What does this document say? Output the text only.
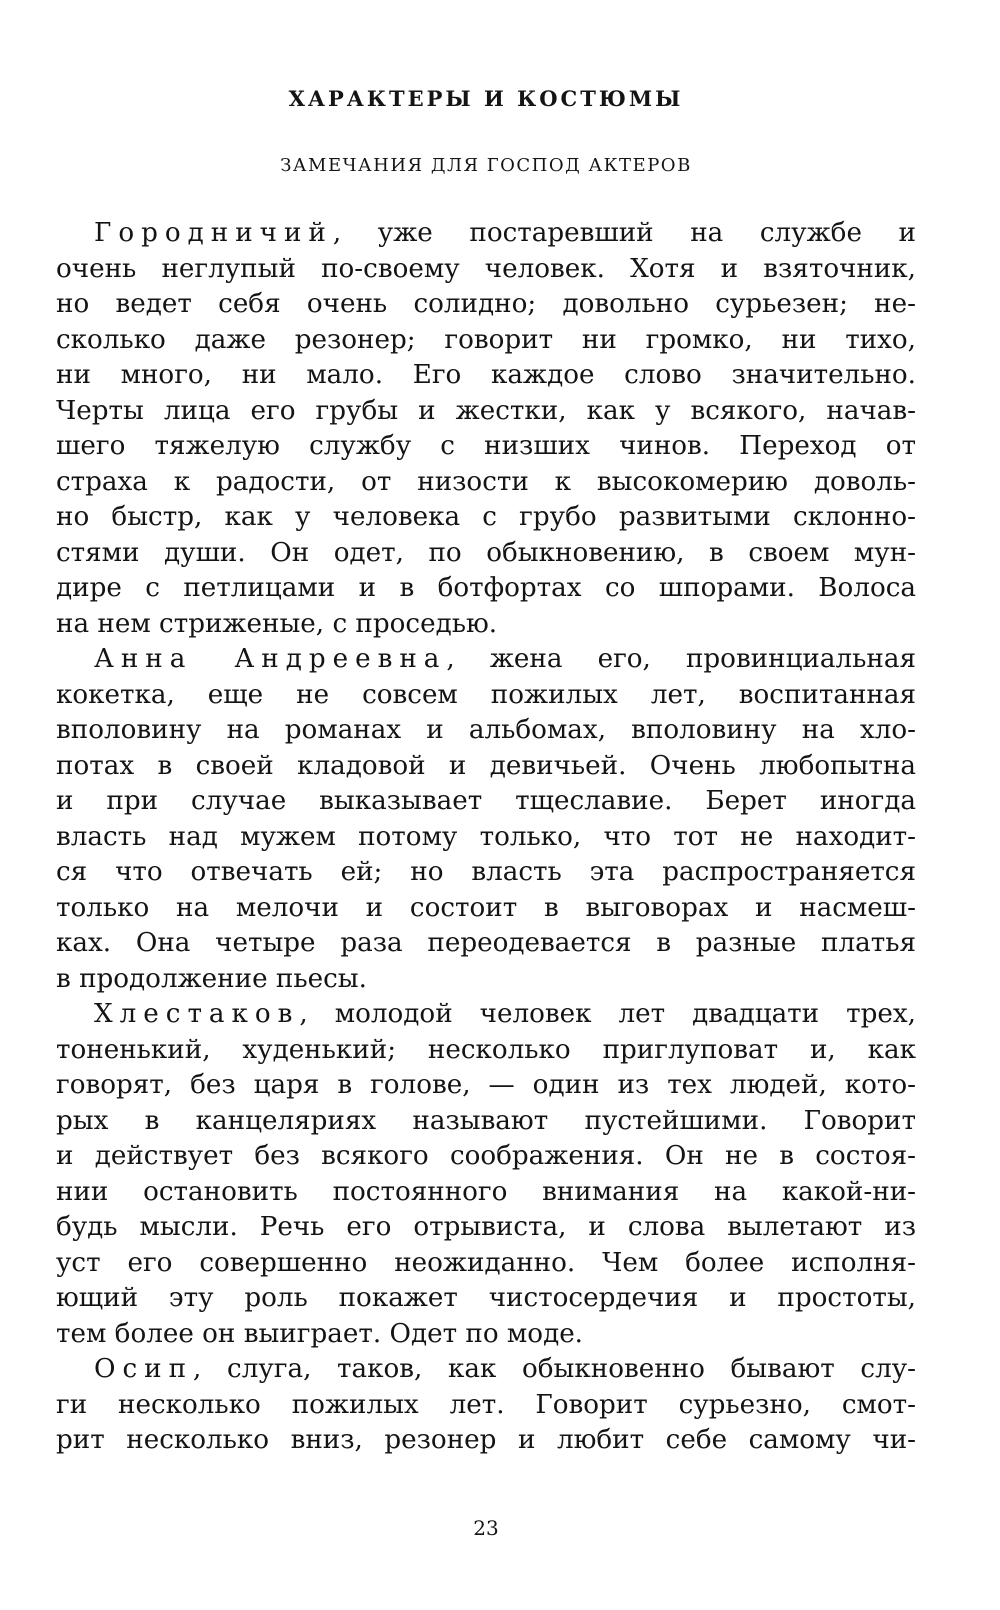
ХАРАКТЕРЫ И КОСТЮМЫ
ЗАМЕЧАНИЯ ДЛЯ ГОСПОД АКТЕРОВ
Городничий, уже постаревший на службе и
очень неглупый по-своему человек. Хотя и взяточник,
но ведет себя очень солидно; довольно сурьезен; не-
сколько даже резонер; говорит ни громко, ни тихо,
ни много, ни мало. Его каждое слово значительно.
Черты лица его грубы и жестки, как у всякого, начав-
шего тяжелую службу с низших чинов. Переход от
страха к радости, от низости к высокомерию доволь-
но быстр, как у человека с грубо развитыми склонно-
стями души. Он одет, по обыкновению, в своем мун-
дире с петлицами и в ботфортах со шпорами. Волоса
на нем стриженые, с проседью.
Анна Андреевна, жена его, провинциальная
кокетка, еще не совсем пожилых лет, воспитанная
вполовину на романах и альбомах, вполовину на хло-
потах в своей кладовой и девичьей. Очень любопытна
и при случае выказывает тщеславие. Берет иногда
власть над мужем потому только, что тот не находит-
ся что отвечать ей; но власть эта распространяется
только на мелочи и состоит в выговорах и насмеш-
ках. Она четыре раза переодевается в разные платья
в продолжение пьесы.
Хлестаков, молодой человек лет двадцати трех,
тоненький, худенький; несколько приглуповат и, как
говорят, без царя в голове, — один из тех людей, кото-
рых в канцеляриях называют пустейшими. Говорит
и действует без всякого соображения. Он не в состоя-
нии остановить постоянного внимания на какой-ни-
будь мысли. Речь его отрывиста, и слова вылетают из
уст его совершенно неожиданно. Чем более исполня-
ющий эту роль покажет чистосердечия и простоты,
тем более он выиграет. Одет по моде.
Осип, слуга, таков, как обыкновенно бывают слу-
ги несколько пожилых лет. Говорит сурьезно, смот-
рит несколько вниз, резонер и любит себе самому чи-
23
